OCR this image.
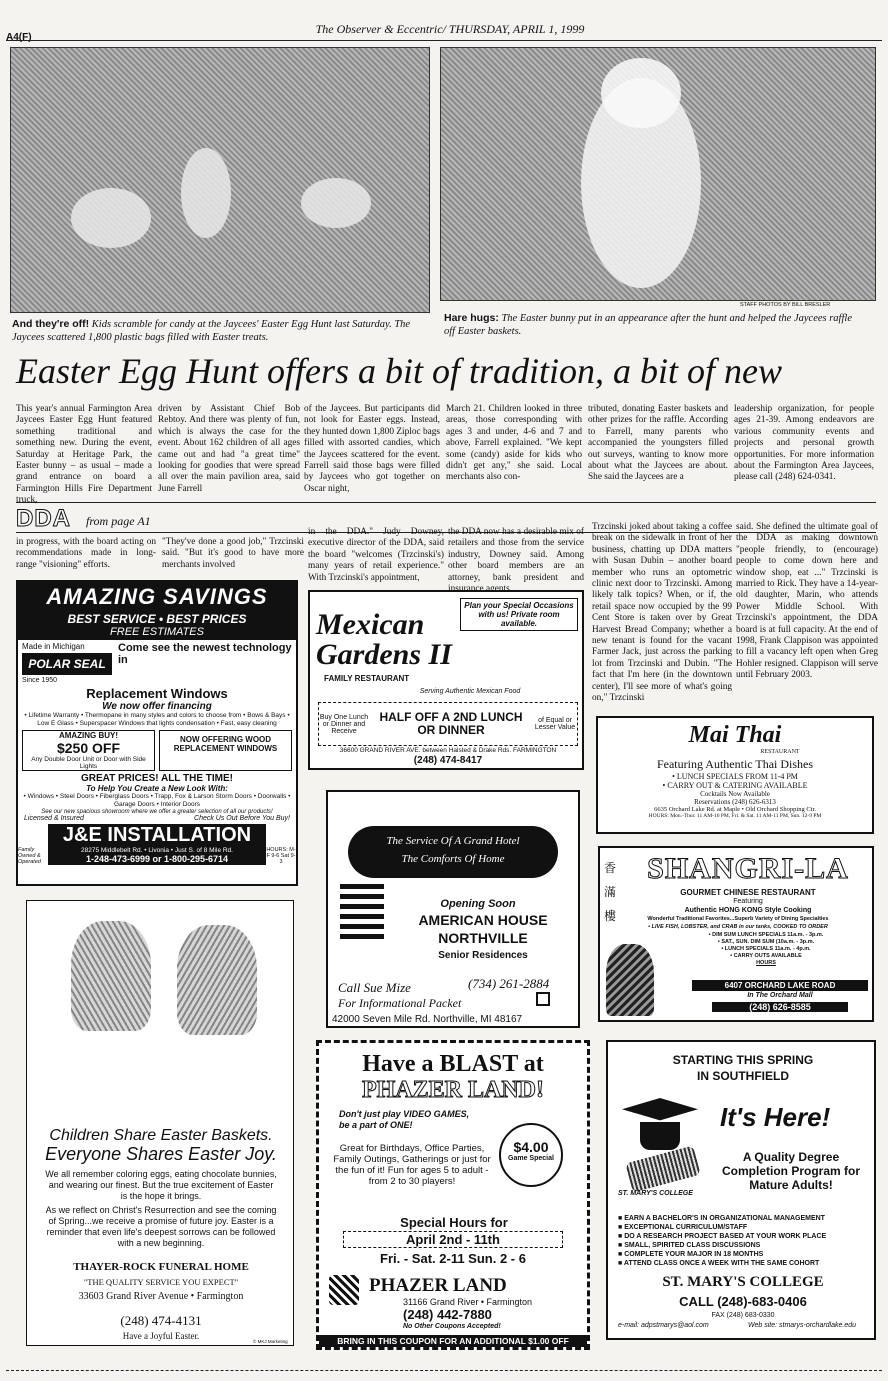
A4(F)
The Observer & Eccentric/ THURSDAY, APRIL 1, 1999
STAFF PHOTOS BY BILL BRESLER
And they're off! Kids scramble for candy at the Jaycees' Easter Egg Hunt last Saturday. The Jaycees scattered 1,800 plastic bags filled with Easter treats.
Hare hugs: The Easter bunny put in an appearance after the hunt and helped the Jaycees raffle off Easter baskets.
Easter Egg Hunt offers a bit of tradition, a bit of new
This year's annual Farmington Area Jaycees Easter Egg Hunt featured something traditional and something new. During the event, Saturday at Heritage Park, the Easter bunny – as usual – made a grand entrance on board a Farmington Hills Fire Department truck,
driven by Assistant Chief Bob Rebtoy. And there was plenty of fun, which is always the case for the event. About 162 children of all ages came out and had "a great time" looking for goodies that were spread all over the main pavilion area, said June Farrell
of the Jaycees. But participants did not look for Easter eggs. Instead, they hunted down 1,800 Ziploc bags filled with assorted candies, which the Jaycees scattered for the event. Farrell said those bags were filled by Jaycees who got together on Oscar night,
March 21. Children looked in three areas, those corresponding with ages 3 and under, 4-6 and 7 and above, Farrell explained. "We kept some (candy) aside for kids who didn't get any," she said. Local merchants also con-
tributed, donating Easter baskets and other prizes for the raffle. According to Farrell, many parents who accompanied the youngsters filled out surveys, wanting to know more about what the Jaycees are about. She said the Jaycees are a
leadership organization, for people ages 21-39. Among endeavors are various community events and projects and personal growth opportunities. For more information about the Farmington Area Jaycees, please call (248) 624-0341.
DDA from page A1
in progress, with the board acting on recommendations made in long-range "visioning" efforts.
"They've done a good job," Trzcinski said. "But it's good to have more merchants involved
in the DDA." Judy Downey, executive director of the DDA, said the board "welcomes (Trzcinski's) many years of retail experience." With Trzcinski's appointment,
the DDA now has a desirable mix of retailers and those from the service industry, Downey said. Among other board members are an attorney, bank president and
Trzcinski joked about taking a coffee break on the sidewalk in front of her business, chatting up DDA matters with Susan Dubin – another board member who runs an optometric clinic next door to Trzcinski. Among likely talk topics? When, or if, the retail space now occupied by the 99 Cent Store is taken over by Great Harvest Bread Company; whether a new tenant is found for the vacant Farmer Jack, just across the parking lot from Trzcinski and Dubin. "The fact that I'm here (in the downtown center), I'll see more of what's going on," Trzcinski
said. She defined the ultimate goal of the DDA as making downtown "people friendly, to (encourage) people to come down here and window shop, eat ..." Trzcinski is married to Rick. They have a 14-year-old daughter, Marin, who attends Power Middle School. With Trzcinski's appointment, the DDA board is at full capacity. At the end of 1998, Frank Clappison was appointed to fill a vacancy left open when Greg Hohler resigned. Clappison will serve until February 2003.
AMAZING SAVINGS
BEST SERVICE • BEST PRICES
FREE ESTIMATES
Made in Michigan
POLAR SEAL
Since 1950
Come see the newest technology in
Replacement Windows
We now offer financing
• Lifetime Warranty • Thermopane in many styles and colors to choose from • Bows & Bays • Low E Glass • Superspacer Windows that lights condensation • Fast, easy cleaning
AMAZING BUY!
$250 OFF
Any Double Door Unit or Door with Side Lights
NOW OFFERING WOOD REPLACEMENT WINDOWS
GREAT PRICES! ALL THE TIME!
To Help You Create a New Look With:
• Windows • Steel Doors • Fiberglass Doors • Trapp, Fox & Larson Storm Doors • Doorwalls • Garage Doors • Interior Doors
See our new spacious showroom where we offer a greater selection of all our products!
Licensed & Insured	Check Us Out Before You Buy!
J&E INSTALLATION
Family Owned & Operated
28275 Middlebelt Rd. • Livonia • Just S. of 8 Mile Rd.
1-248-473-6999 or 1-800-295-6714
HOURS: M-F 9-6 Sat 9-3
Mexican Gardens II
Plan your Special Occasions with us! Private room available.
FAMILY RESTAURANT
Serving Authentic Mexican Food
Buy One Lunch or Dinner and Receive
HALF OFF A 2ND LUNCH OR DINNER
of Equal or Lesser Value
36600 GRAND RIVER AVE. between Halsted & Drake Rds. FARMINGTON
(248) 474-8417
Mai Thai
RESTAURANT
Featuring Authentic Thai Dishes
• LUNCH SPECIALS FROM 11-4 PM
• CARRY OUT & CATERING AVAILABLE
Cocktails Now Available
Reservations (248) 626-6313
6635 Orchard Lake Rd. at Maple • Old Orchard Shopping Ctr.
HOURS: Mon.-Thur. 11 AM-10 PM, Fri. & Sat. 11 AM-11 PM, Sun. 12-9 PM
The Service Of A Grand Hotel
The Comforts Of Home
Opening Soon
AMERICAN HOUSE
NORTHVILLE
Senior Residences
Call Sue Mize	(734) 261-2884
For Informational Packet
42000 Seven Mile Rd. Northville, MI 48167
香 滿 樓
SHANGRI-LA
GOURMET CHINESE RESTAURANT
Featuring
Authentic HONG KONG Style Cooking
Wonderful Traditional Favorites...Superb Variety of Dining Specialties
• LIVE FISH, LOBSTER, and CRAB in our tanks, COOKED TO ORDER
• DIM SUM LUNCH SPECIALS 11a.m. - 3p.m.
• SAT., SUN. DIM SUM (10a.m. - 3p.m.
• LUNCH SPECIALS 11a.m. - 4p.m.
• CARRY OUTS AVAILABLE
HOURS
6407 ORCHARD LAKE ROAD
In The Orchard Mall
(248) 626-8585
Children Share Easter Baskets.
Everyone Shares Easter Joy.
We all remember coloring eggs, eating chocolate bunnies, and wearing our finest. But the true excitement of Easter is the hope it brings.
As we reflect on Christ's Resurrection and see the coming of Spring...we receive a promise of future joy. Easter is a reminder that even life's deepest sorrows can be followed with a new beginning.
THAYER-ROCK FUNERAL HOME
"THE QUALITY SERVICE YOU EXPECT"
33603 Grand River Avenue • Farmington
(248) 474-4131
Have a Joyful Easter.
© MKJ Marketing
Have a BLAST at
PHAZER LAND!
Don't just play VIDEO GAMES, be a part of ONE!
$4.00
Game Special
Great for Birthdays, Office Parties, Family Outings, Gatherings or just for the fun of it! Fun for ages 5 to adult - from 2 to 30 players!
Special Hours for
April 2nd - 11th
Fri. - Sat. 2-11 Sun. 2 - 6
PHAZER LAND
31166 Grand River • Farmington
(248) 442-7880
No Other Coupons Accepted!
BRING IN THIS COUPON FOR AN ADDITIONAL $1.00 OFF
STARTING THIS SPRING
IN SOUTHFIELD
ST. MARY'S COLLEGE
It's Here!
A Quality Degree
Completion Program for
Mature Adults!
■ EARN A BACHELOR'S IN ORGANIZATIONAL MANAGEMENT
■ EXCEPTIONAL CURRICULUM/STAFF
■ DO A RESEARCH PROJECT BASED AT YOUR WORK PLACE
■ SMALL, SPIRITED CLASS DISCUSSIONS
■ COMPLETE YOUR MAJOR IN 18 MONTHS
■ ATTEND CLASS ONCE A WEEK WITH THE SAME COHORT
ST. MARY'S COLLEGE
CALL (248)-683-0406
FAX (248) 683-0330
e-mail: adpstmarys@aol.com	Web site: stmarys-orchardlake.edu
